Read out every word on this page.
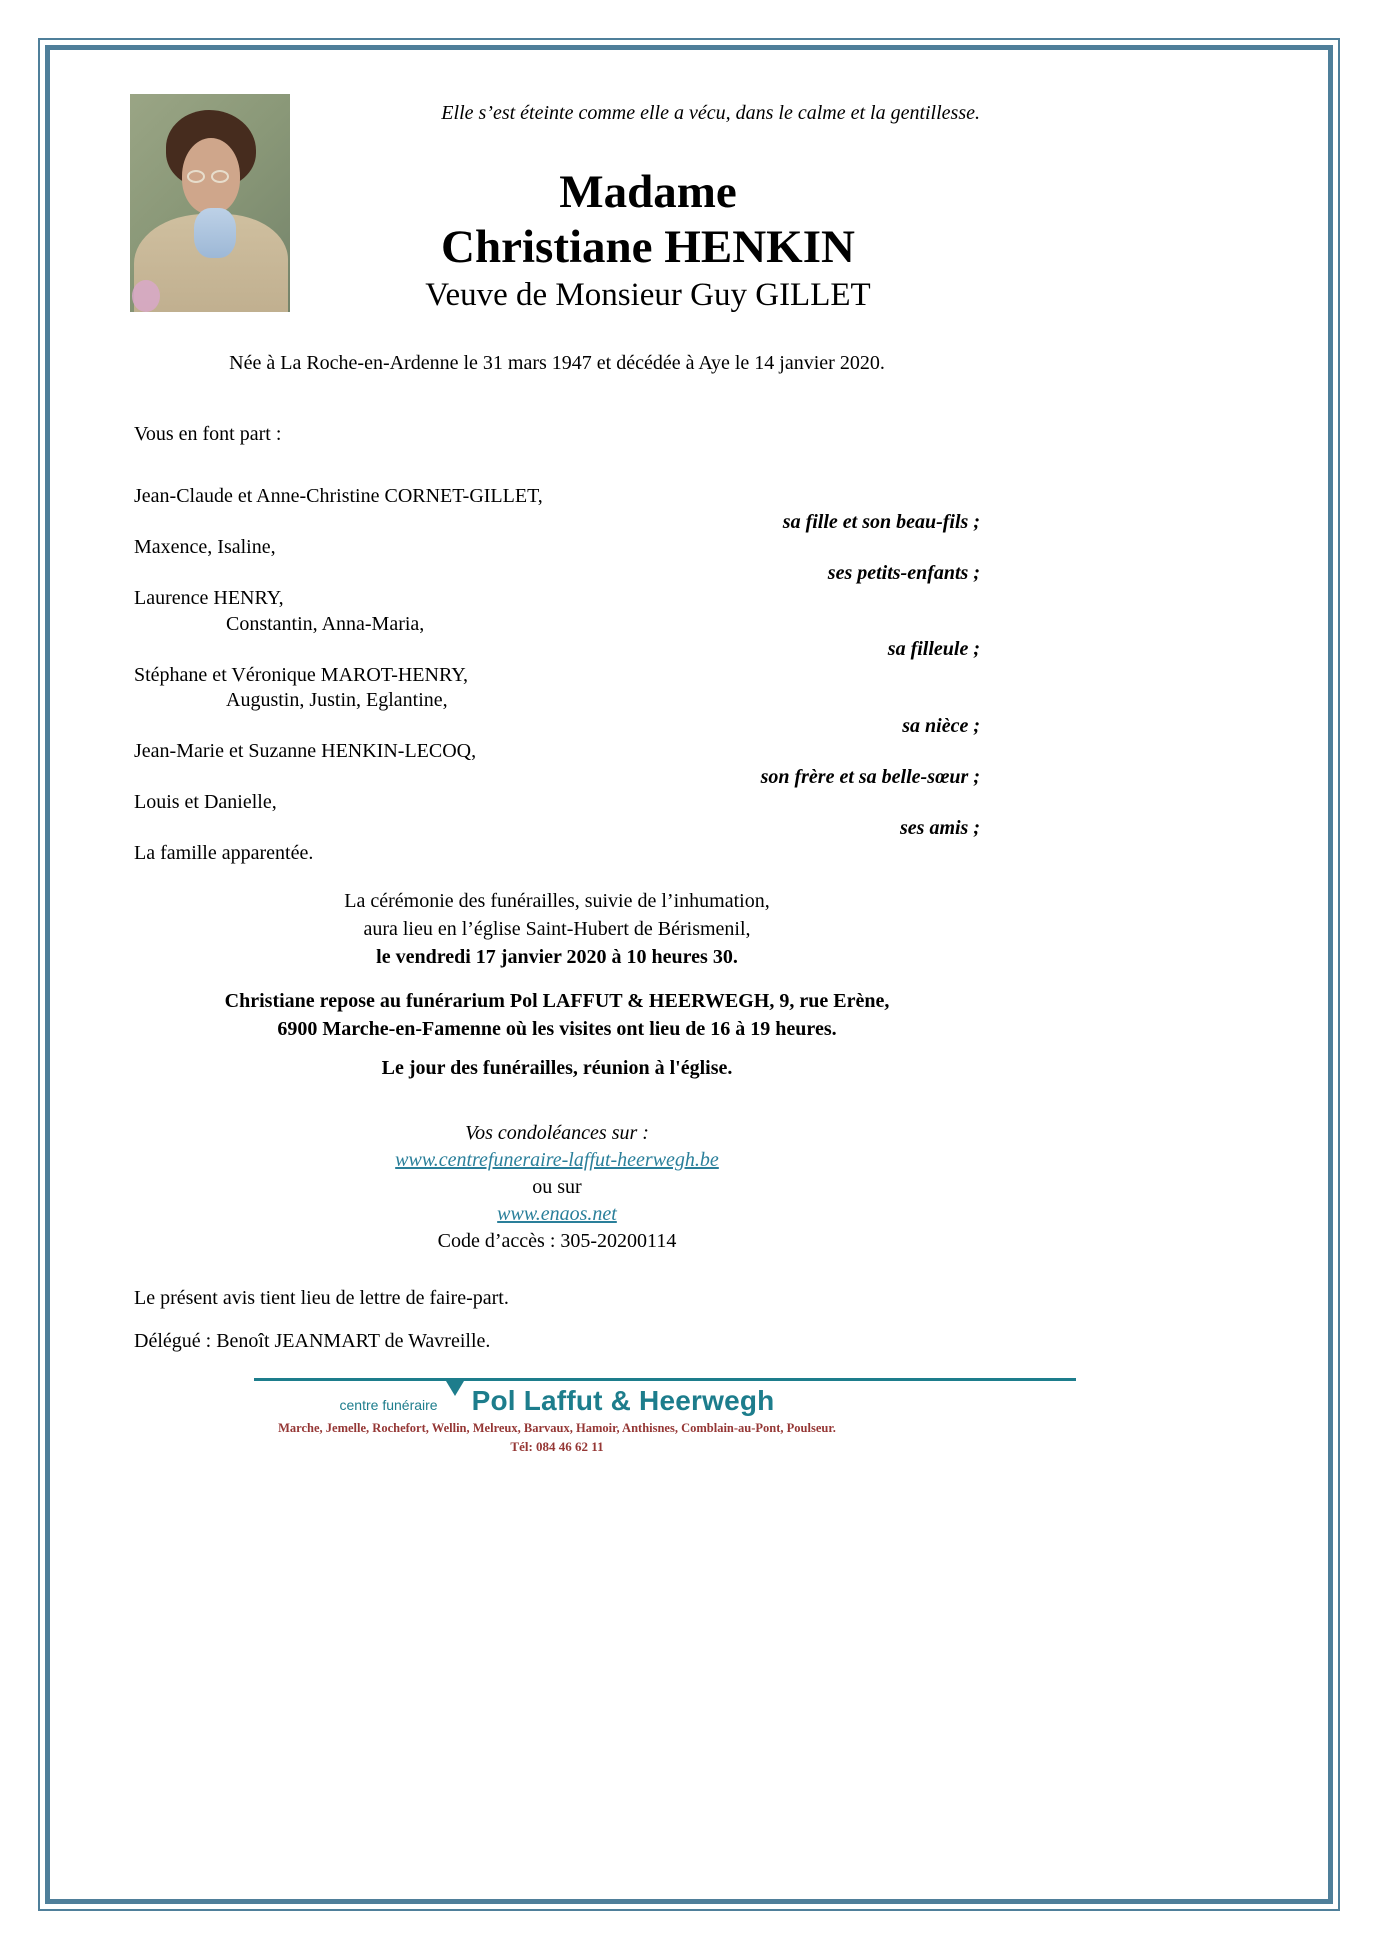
Elle s’est éteinte comme elle a vécu, dans le calme et la gentillesse.
Madame
Christiane HENKIN
Veuve de Monsieur Guy GILLET
Née à La Roche-en-Ardenne le 31 mars 1947 et décédée à Aye le 14 janvier 2020.
Vous en font part :
Jean-Claude et Anne-Christine CORNET-GILLET,
sa fille et son beau-fils ;
Maxence, Isaline,
ses petits-enfants ;
Laurence HENRY,
Constantin, Anna-Maria,
sa filleule ;
Stéphane et Véronique MAROT-HENRY,
Augustin, Justin, Eglantine,
sa nièce ;
Jean-Marie et Suzanne HENKIN-LECOQ,
son frère et sa belle-sœur ;
Louis et Danielle,
ses amis ;
La famille apparentée.
La cérémonie des funérailles, suivie de l’inhumation,
aura lieu en l’église Saint-Hubert de Bérismenil,
le vendredi 17 janvier 2020 à 10 heures 30.
Christiane repose au funérarium Pol LAFFUT & HEERWEGH, 9, rue Erène,
6900 Marche-en-Famenne où les visites ont lieu de 16 à 19 heures.
Le jour des funérailles, réunion à l'église.
Vos condoléances sur :
www.centrefuneraire-laffut-heerwegh.be
ou sur
www.enaos.net
Code d’accès : 305-20200114
Le présent avis tient lieu de lettre de faire-part.
Délégué : Benoît JEANMART de Wavreille.
centre funéraire Pol Laffut & Heerwegh
Marche, Jemelle, Rochefort, Wellin, Melreux, Barvaux, Hamoir, Anthisnes, Comblain-au-Pont, Poulseur.
Tél: 084 46 62 11
